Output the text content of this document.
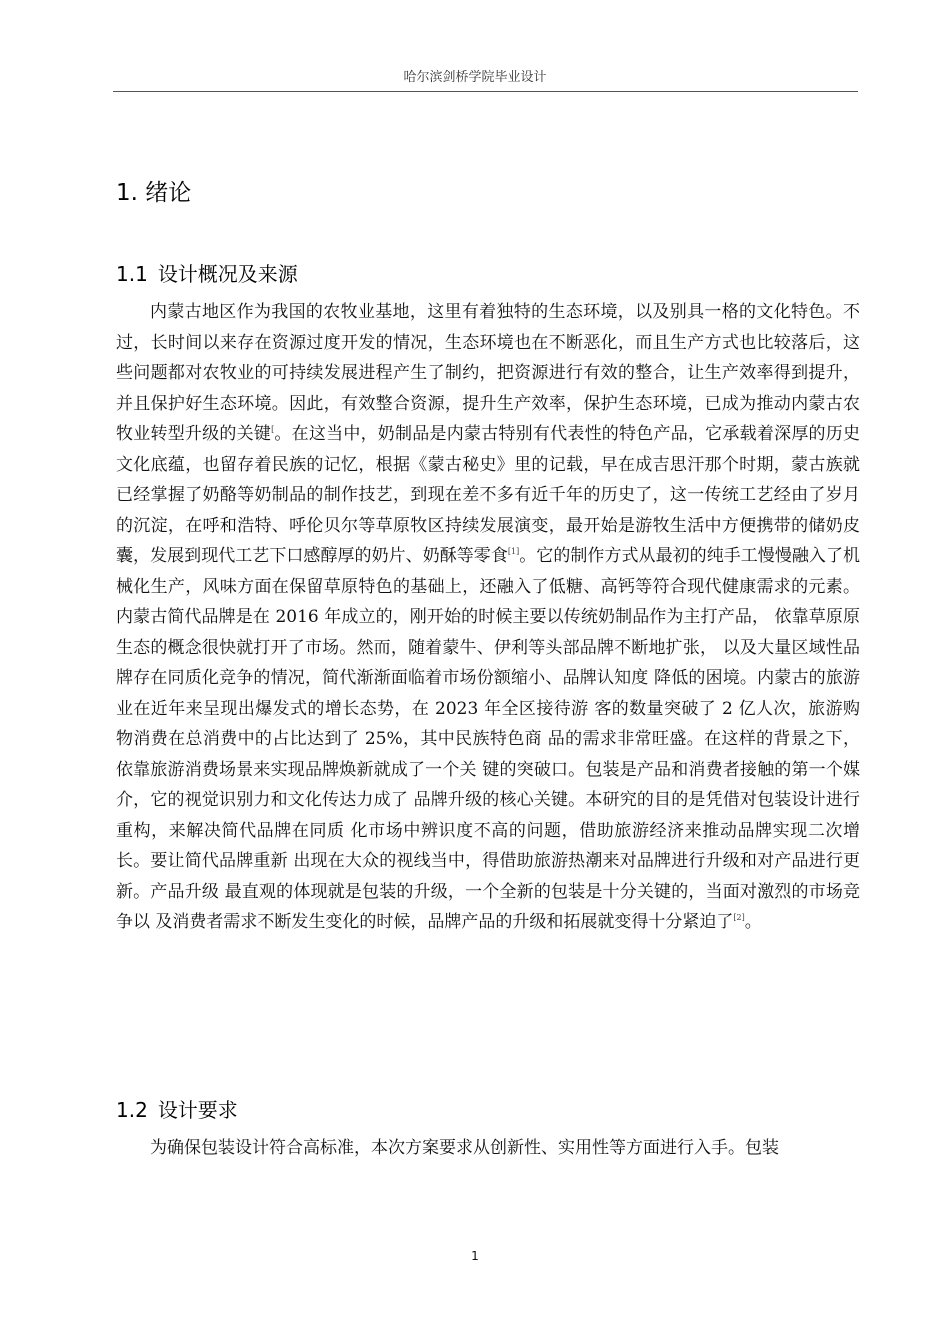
哈尔滨剑桥学院毕业设计
1. 绪论
1.1 设计概况及来源

内蒙古地区作为我国的农牧业基地，这里有着独特的生态环境，以及别具一格的文化特色。不过，长时间以来存在资源过度开发的情况，生态环境也在不断恶化，而且生产方式也比较落后，这些问题都对农牧业的可持续发展进程产生了制约，把资源进行有效的整合，让生产效率得到提升，并且保护好生态环境。因此，有效整合资源，提升生产效率，保护生态环境，已成为推动内蒙古农牧业转型升级的关键[。在这当中，奶制品是内蒙古特别有代表性的特色产品，它承载着深厚的历史文化底蕴，也留存着民族的记忆，根据《蒙古秘史》里的记载，早在成吉思汗那个时期，蒙古族就已经掌握了奶酪等奶制品的制作技艺，到现在差不多有近千年的历史了，这一传统工艺经由了岁月的沉淀，在呼和浩特、呼伦贝尔等草原牧区持续发展演变，最开始是游牧生活中方便携带的储奶皮囊，发展到现代工艺下口感醇厚的奶片、奶酥等零食[1]。它的制作方式从最初的纯手工慢慢融入了机械化生产，风味方面在保留草原特色的基础上，还融入了低糖、高钙等符合现代健康需求的元素。内蒙古简代品牌是在 2016 年成立的，刚开始的时候主要以传统奶制品作为主打产品， 依靠草原原生态的概念很快就打开了市场。然而，随着蒙牛、伊利等头部品牌不断地扩张， 以及大量区域性品牌存在同质化竞争的情况，简代渐渐面临着市场份额缩小、品牌认知度 降低的困境。内蒙古的旅游业在近年来呈现出爆发式的增长态势，在 2023 年全区接待游 客的数量突破了 2 亿人次，旅游购物消费在总消费中的占比达到了 25%，其中民族特色商 品的需求非常旺盛。在这样的背景之下，依靠旅游消费场景来实现品牌焕新就成了一个关 键的突破口。包装是产品和消费者接触的第一个媒介，它的视觉识别力和文化传达力成了 品牌升级的核心关键。本研究的目的是凭借对包装设计进行重构，来解决简代品牌在同质 化市场中辨识度不高的问题，借助旅游经济来推动品牌实现二次增长。要让简代品牌重新 出现在大众的视线当中，得借助旅游热潮来对品牌进行升级和对产品进行更新。产品升级 最直观的体现就是包装的升级，一个全新的包装是十分关键的，当面对激烈的市场竞争以 及消费者需求不断发生变化的时候，品牌产品的升级和拓展就变得十分紧迫了[2]。

1.2 设计要求

为确保包装设计符合高标准，本次方案要求从创新性、实用性等方面进行入手。包装

1
